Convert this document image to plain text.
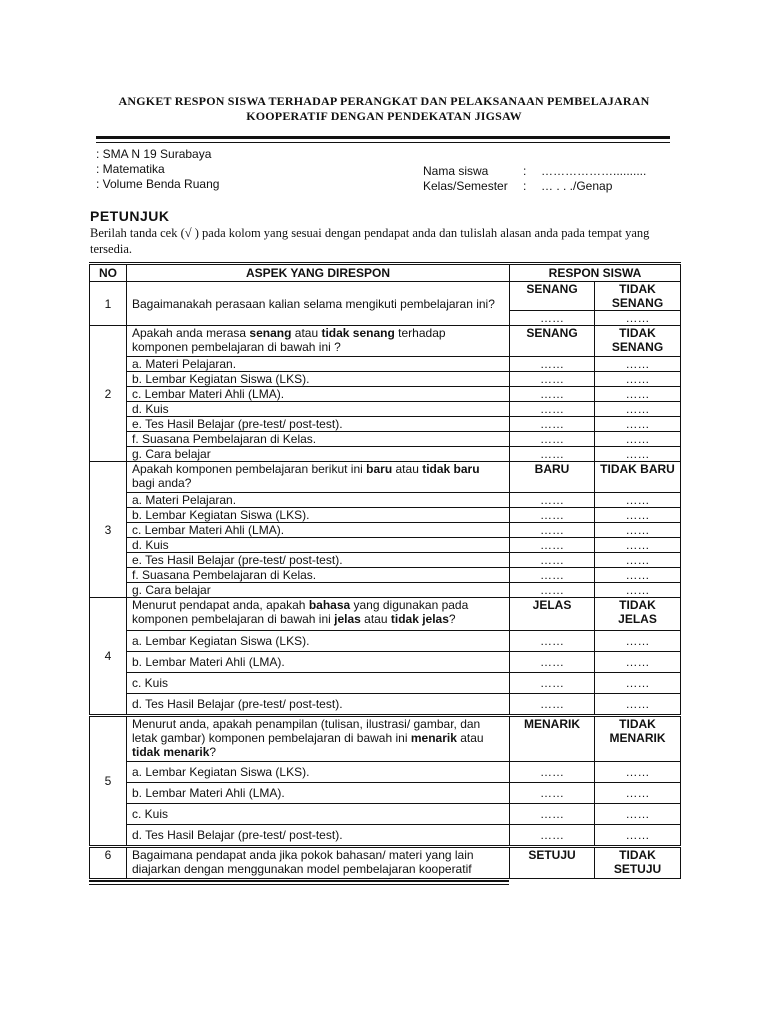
ANGKET RESPON SISWA TERHADAP PERANGKAT DAN PELAKSANAAN PEMBELAJARAN
KOOPERATIF DENGAN PENDEKATAN JIGSAW
: SMA N 19 Surabaya
: Matematika
: Volume Benda Ruang
Nama siswa	:	………………..........
Kelas/Semester	:	… . . ./Genap
PETUNJUK
Berilah tanda cek (√ ) pada kolom yang sesuai dengan pendapat anda dan tulislah alasan anda pada tempat yang tersedia.
NO	ASPEK YANG DIRESPON	RESPON SISWA	
1	Bagaimanakah perasaan kalian selama mengikuti pembelajaran ini?	SENANG	TIDAK SENANG
		……	……
2	Apakah anda merasa senang atau tidak senang terhadap komponen pembelajaran di bawah ini ?	SENANG	TIDAK SENANG
	a. Materi Pelajaran.	……	……
	b. Lembar Kegiatan Siswa (LKS).	……	……
	c. Lembar Materi Ahli (LMA).	……	……
	d. Kuis	……	……
	e. Tes Hasil Belajar (pre-test/ post-test).	……	……
	f. Suasana Pembelajaran di Kelas.	……	……
	g. Cara belajar	……	……
3	Apakah komponen pembelajaran berikut ini baru atau tidak baru bagi anda?	BARU	TIDAK BARU
	a. Materi Pelajaran.	……	……
	b. Lembar Kegiatan Siswa (LKS).	……	……
	c. Lembar Materi Ahli (LMA).	……	……
	d. Kuis	……	……
	e. Tes Hasil Belajar (pre-test/ post-test).	……	……
	f. Suasana Pembelajaran di Kelas.	……	……
	g. Cara belajar	……	……
4	Menurut pendapat anda, apakah bahasa yang digunakan pada komponen pembelajaran di bawah ini jelas atau tidak jelas?	JELAS	TIDAK JELAS
	a. Lembar Kegiatan Siswa (LKS).	……	……
	b. Lembar Materi Ahli (LMA).	……	……
	c. Kuis	……	……
	d. Tes Hasil Belajar (pre-test/ post-test).	……	……
5	Menurut anda, apakah penampilan (tulisan, ilustrasi/ gambar, dan letak gambar) komponen pembelajaran di bawah ini menarik atau tidak menarik?	MENARIK	TIDAK MENARIK
	a. Lembar Kegiatan Siswa (LKS).	……	……
	b. Lembar Materi Ahli (LMA).	……	……
	c. Kuis	……	……
	d. Tes Hasil Belajar (pre-test/ post-test).	……	……
6	Bagaimana pendapat anda jika pokok bahasan/ materi yang lain diajarkan dengan menggunakan model pembelajaran kooperatif	SETUJU	TIDAK SETUJU
